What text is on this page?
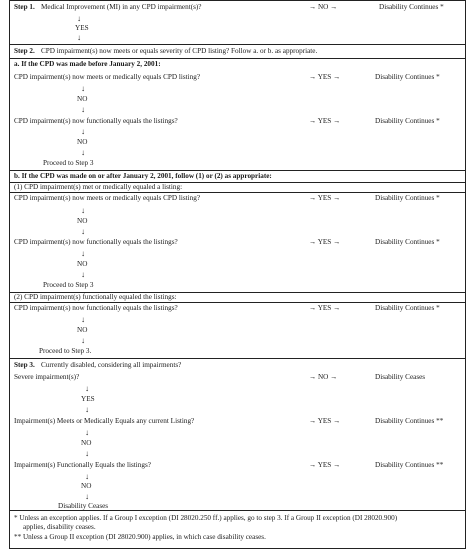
Step 1. Medical Improvement (MI) in any CPD impairment(s)?	→ NO →	Disability Continues *
↓
YES
↓
Step 2. CPD impairment(s) now meets or equals severity of CPD listing? Follow a. or b. as appropriate.
a. If the CPD was made before January 2, 2001:
CPD impairment(s) now meets or medically equals CPD listing?	→ YES →	Disability Continues *
↓
NO
↓
CPD impairment(s) now functionally equals the listings?	→ YES →	Disability Continues *
↓
NO
↓
Proceed to Step 3
b. If the CPD was made on or after January 2, 2001, follow (1) or (2) as appropriate:
(1) CPD impairment(s) met or medically equaled a listing:
CPD impairment(s) now meets or medically equals CPD listing?	→ YES →	Disability Continues *
↓
NO
↓
CPD impairment(s) now functionally equals the listings?	→ YES →	Disability Continues *
↓
NO
↓
Proceed to Step 3
(2) CPD impairment(s) functionally equaled the listings:
CPD impairment(s) now functionally equals the listings?	→ YES →	Disability Continues *
↓
NO
↓
Proceed to Step 3.
Step 3. Currently disabled, considering all impairments?
Severe impairment(s)?	→ NO →	Disability Ceases
↓
YES
↓
Impairment(s) Meets or Medically Equals any current Listing?	→ YES →	Disability Continues **
↓
NO
↓
Impairment(s) Functionally Equals the listings?	→ YES →	Disability Continues **
↓
NO
↓
Disability Ceases
* Unless an exception applies. If a Group I exception (DI 28020.250 ff.) applies, go to step 3. If a Group II exception (DI 28020.900)
applies, disability ceases.
** Unless a Group II exception (DI 28020.900) applies, in which case disability ceases.
